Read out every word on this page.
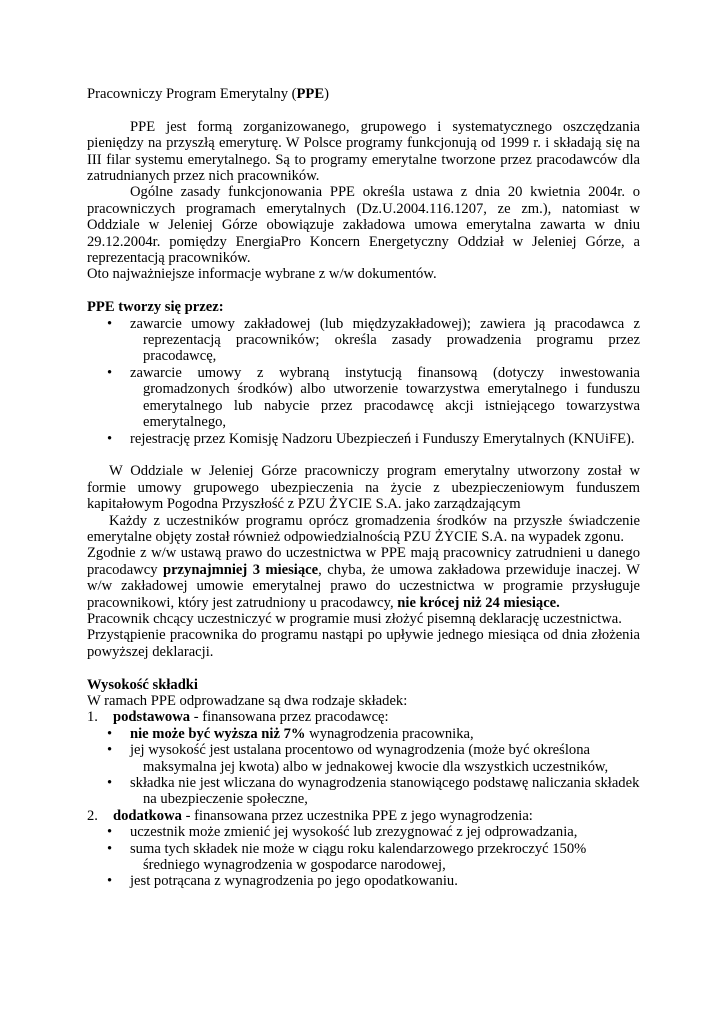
Pracowniczy Program Emerytalny (PPE)

PPE jest formą zorganizowanego, grupowego i systematycznego oszczędzania pieniędzy na przyszłą emeryturę. W Polsce programy funkcjonują od 1999 r. i składają się na III filar systemu emerytalnego. Są to programy emerytalne tworzone przez pracodawców dla zatrudnianych przez nich pracowników.

Ogólne zasady funkcjonowania PPE określa ustawa z dnia 20 kwietnia 2004r. o pracowniczych programach emerytalnych (Dz.U.2004.116.1207, ze zm.), natomiast w Oddziale w Jeleniej Górze obowiązuje zakładowa umowa emerytalna zawarta w dniu 29.12.2004r. pomiędzy EnergiaPro Koncern Energetyczny Oddział w Jeleniej Górze, a reprezentacją pracowników.

Oto najważniejsze informacje wybrane z w/w dokumentów.

PPE tworzy się przez:

• zawarcie umowy zakładowej (lub międzyzakładowej); zawiera ją pracodawca z reprezentacją pracowników; określa zasady prowadzenia programu przez pracodawcę,
• zawarcie umowy z wybraną instytucją finansową (dotyczy inwestowania gromadzonych środków) albo utworzenie towarzystwa emerytalnego i funduszu emerytalnego lub nabycie przez pracodawcę akcji istniejącego towarzystwa emerytalnego,
• rejestrację przez Komisję Nadzoru Ubezpieczeń i Funduszy Emerytalnych (KNUiFE).

W Oddziale w Jeleniej Górze pracowniczy program emerytalny utworzony został w formie umowy grupowego ubezpieczenia na życie z ubezpieczeniowym funduszem kapitałowym Pogodna Przyszłość z PZU ŻYCIE S.A. jako zarządzającym

Każdy z uczestników programu oprócz gromadzenia środków na przyszłe świadczenie emerytalne objęty został również odpowiedzialnością PZU ŻYCIE S.A. na wypadek zgonu.

Zgodnie z w/w ustawą prawo do uczestnictwa w PPE mają pracownicy zatrudnieni u danego pracodawcy przynajmniej 3 miesiące, chyba, że umowa zakładowa przewiduje inaczej. W w/w zakładowej umowie emerytalnej prawo do uczestnictwa w programie przysługuje pracownikowi, który jest zatrudniony u pracodawcy, nie krócej niż 24 miesiące.

Pracownik chcący uczestniczyć w programie musi złożyć pisemną deklarację uczestnictwa.

Przystąpienie pracownika do programu nastąpi po upływie jednego miesiąca od dnia złożenia powyższej deklaracji.

Wysokość składki

W ramach PPE odprowadzane są dwa rodzaje składek:

1. podstawowa - finansowana przez pracodawcę:

• nie może być wyższa niż 7% wynagrodzenia pracownika,
• jej wysokość jest ustalana procentowo od wynagrodzenia (może być określona maksymalna jej kwota) albo w jednakowej kwocie dla wszystkich uczestników,
• składka nie jest wliczana do wynagrodzenia stanowiącego podstawę naliczania składek na ubezpieczenie społeczne,

2. dodatkowa - finansowana przez uczestnika PPE z jego wynagrodzenia:

• uczestnik może zmienić jej wysokość lub zrezygnować z jej odprowadzania,
• suma tych składek nie może w ciągu roku kalendarzowego przekroczyć 150% średniego wynagrodzenia w gospodarce narodowej,
• jest potrącana z wynagrodzenia po jego opodatkowaniu.
